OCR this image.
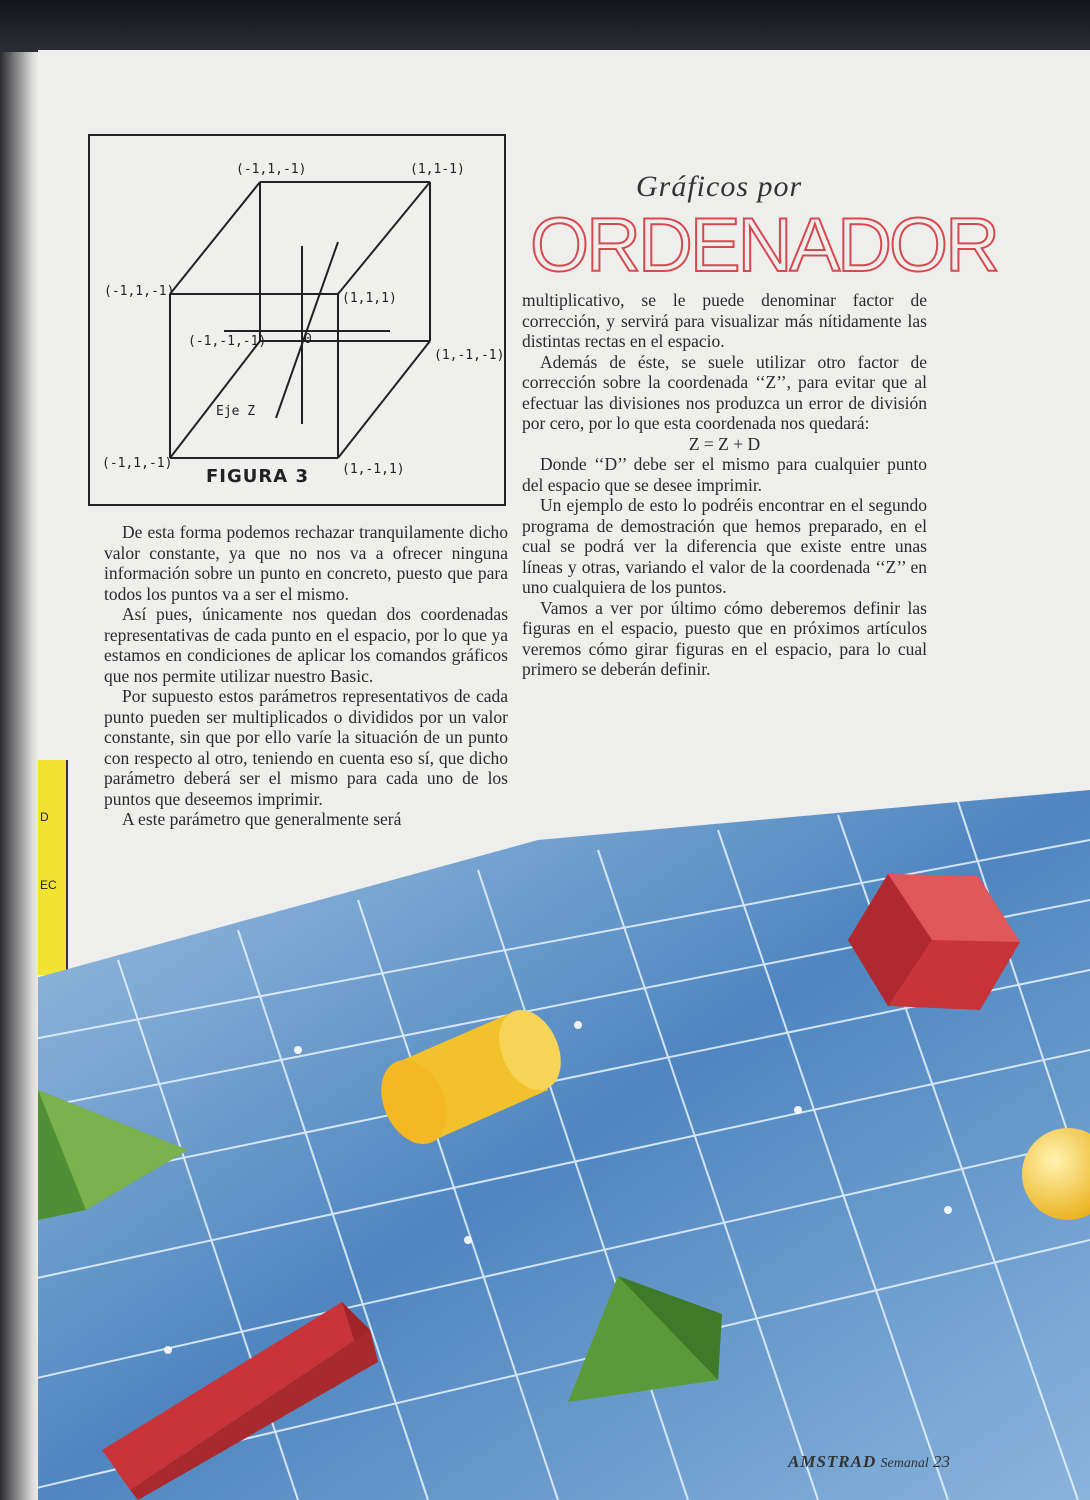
D
EC
(-1,1,-1)	(1,1-1)
(-1,1,-1)	(1,1,1)
(-1,-1,-1)	0
(1,-1,-1)
Eje Z
(-1,1,-1)	(1,-1,1)
FIGURA 3
Gráficos por
ORDENADOR

De esta forma podemos rechazar tranquilamente dicho valor constante, ya que no nos va a ofrecer ninguna información sobre un punto en concreto, puesto que para todos los puntos va a ser el mismo.

Así pues, únicamente nos quedan dos coordenadas representativas de cada punto en el espacio, por lo que ya estamos en condiciones de aplicar los comandos gráficos que nos permite utilizar nuestro Basic.

Por supuesto estos parámetros representativos de cada punto pueden ser multiplicados o divididos por un valor constante, sin que por ello varíe la situación de un punto con respecto al otro, teniendo en cuenta eso sí, que dicho parámetro deberá ser el mismo para cada uno de los puntos que deseemos imprimir.

A este parámetro que generalmente será

multiplicativo, se le puede denominar factor de corrección, y servirá para visualizar más nítidamente las distintas rectas en el espacio.

Además de éste, se suele utilizar otro factor de corrección sobre la coordenada ‘‘Z’’, para evitar que al efectuar las divisiones nos produzca un error de división por cero, por lo que esta coordenada nos quedará:

Z = Z + D

Donde ‘‘D’’ debe ser el mismo para cualquier punto del espacio que se desee imprimir.

Un ejemplo de esto lo podréis encontrar en el segundo programa de demostración que hemos preparado, en el cual se podrá ver la diferencia que existe entre unas líneas y otras, variando el valor de la coordenada ‘‘Z’’ en uno cualquiera de los puntos.

Vamos a ver por último cómo deberemos definir las figuras en el espacio, puesto que en próximos artículos veremos cómo girar figuras en el espacio, para lo cual primero se deberán definir.

AMSTRAD Semanal 23
